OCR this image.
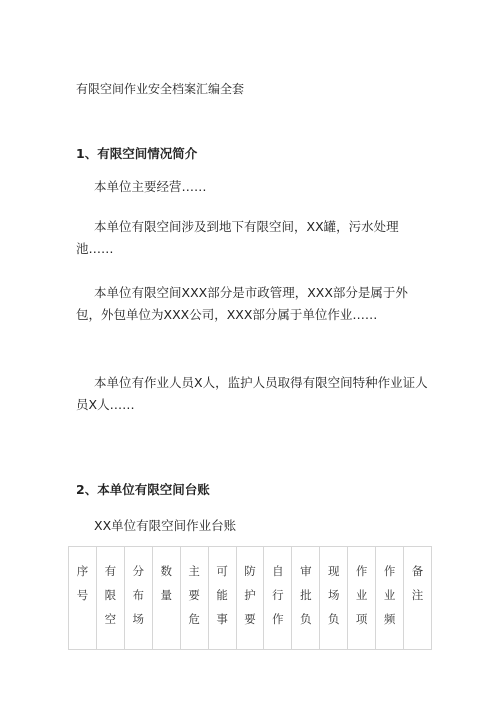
有限空间作业安全档案汇编全套
1、有限空间情况简介

本单位主要经营……

本单位有限空间涉及到地下有限空间，XX罐，污水处理池……

本单位有限空间XXX部分是市政管理，XXX部分是属于外包，外包单位为XXX公司，XXX部分属于单位作业……

本单位有作业人员X人，监护人员取得有限空间特种作业证人员X人……

2、本单位有限空间台账
XX单位有限空间作业台账
序
号

有
限
空

分
布
场

数
量

主
要
危

可
能
事

防
护
要

自
行
作

审
批
负

现
场
负

作
业
项

作
业
频

备
注
